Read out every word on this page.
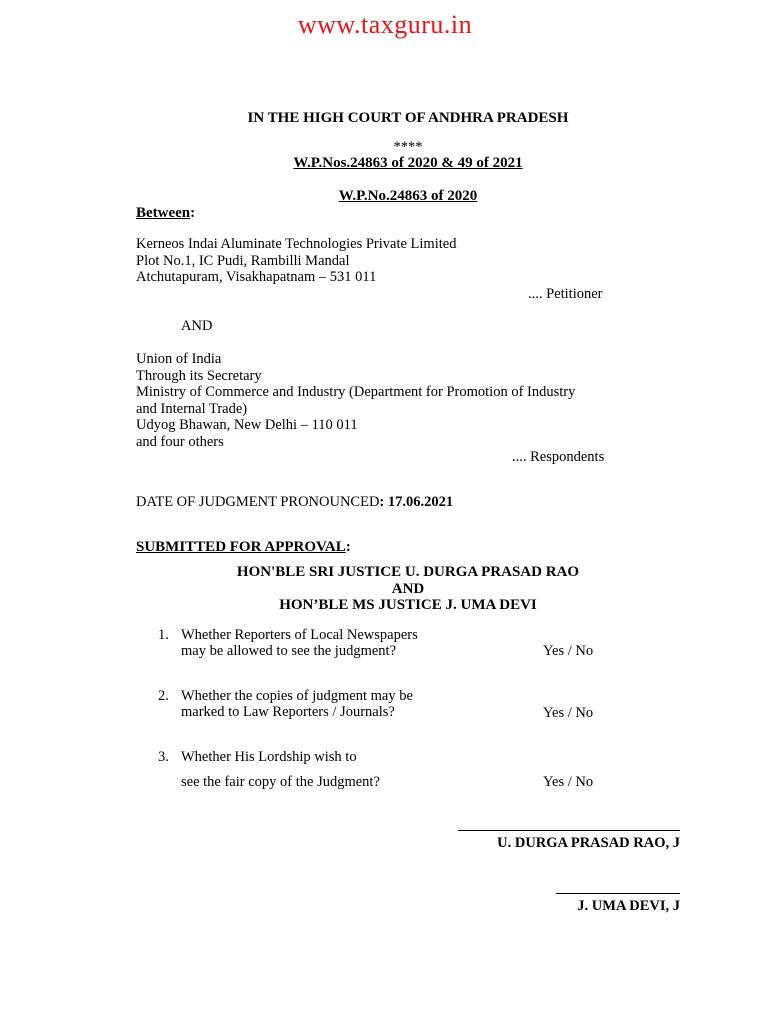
www.taxguru.in
IN THE HIGH COURT OF ANDHRA PRADESH
****
W.P.Nos.24863 of 2020 & 49 of 2021
W.P.No.24863 of 2020
Between:
Kerneos Indai Aluminate Technologies Private Limited
Plot No.1, IC Pudi, Rambilli Mandal
Atchutapuram, Visakhapatnam – 531 011
.... Petitioner
AND
Union of India
Through its Secretary
Ministry of Commerce and Industry (Department for Promotion of Industry
and Internal Trade)
Udyog Bhawan, New Delhi – 110 011
and four others
.... Respondents
DATE OF JUDGMENT PRONOUNCED: 17.06.2021
SUBMITTED FOR APPROVAL:
HON'BLE SRI JUSTICE U. DURGA PRASAD RAO
AND
HON’BLE MS JUSTICE J. UMA DEVI
1. Whether Reporters of Local Newspapers
may be allowed to see the judgment?	Yes / No
2. Whether the copies of judgment may be
marked to Law Reporters / Journals?	Yes / No
3. Whether His Lordship wish to
see the fair copy of the Judgment?	Yes / No
U. DURGA PRASAD RAO, J
J. UMA DEVI, J
